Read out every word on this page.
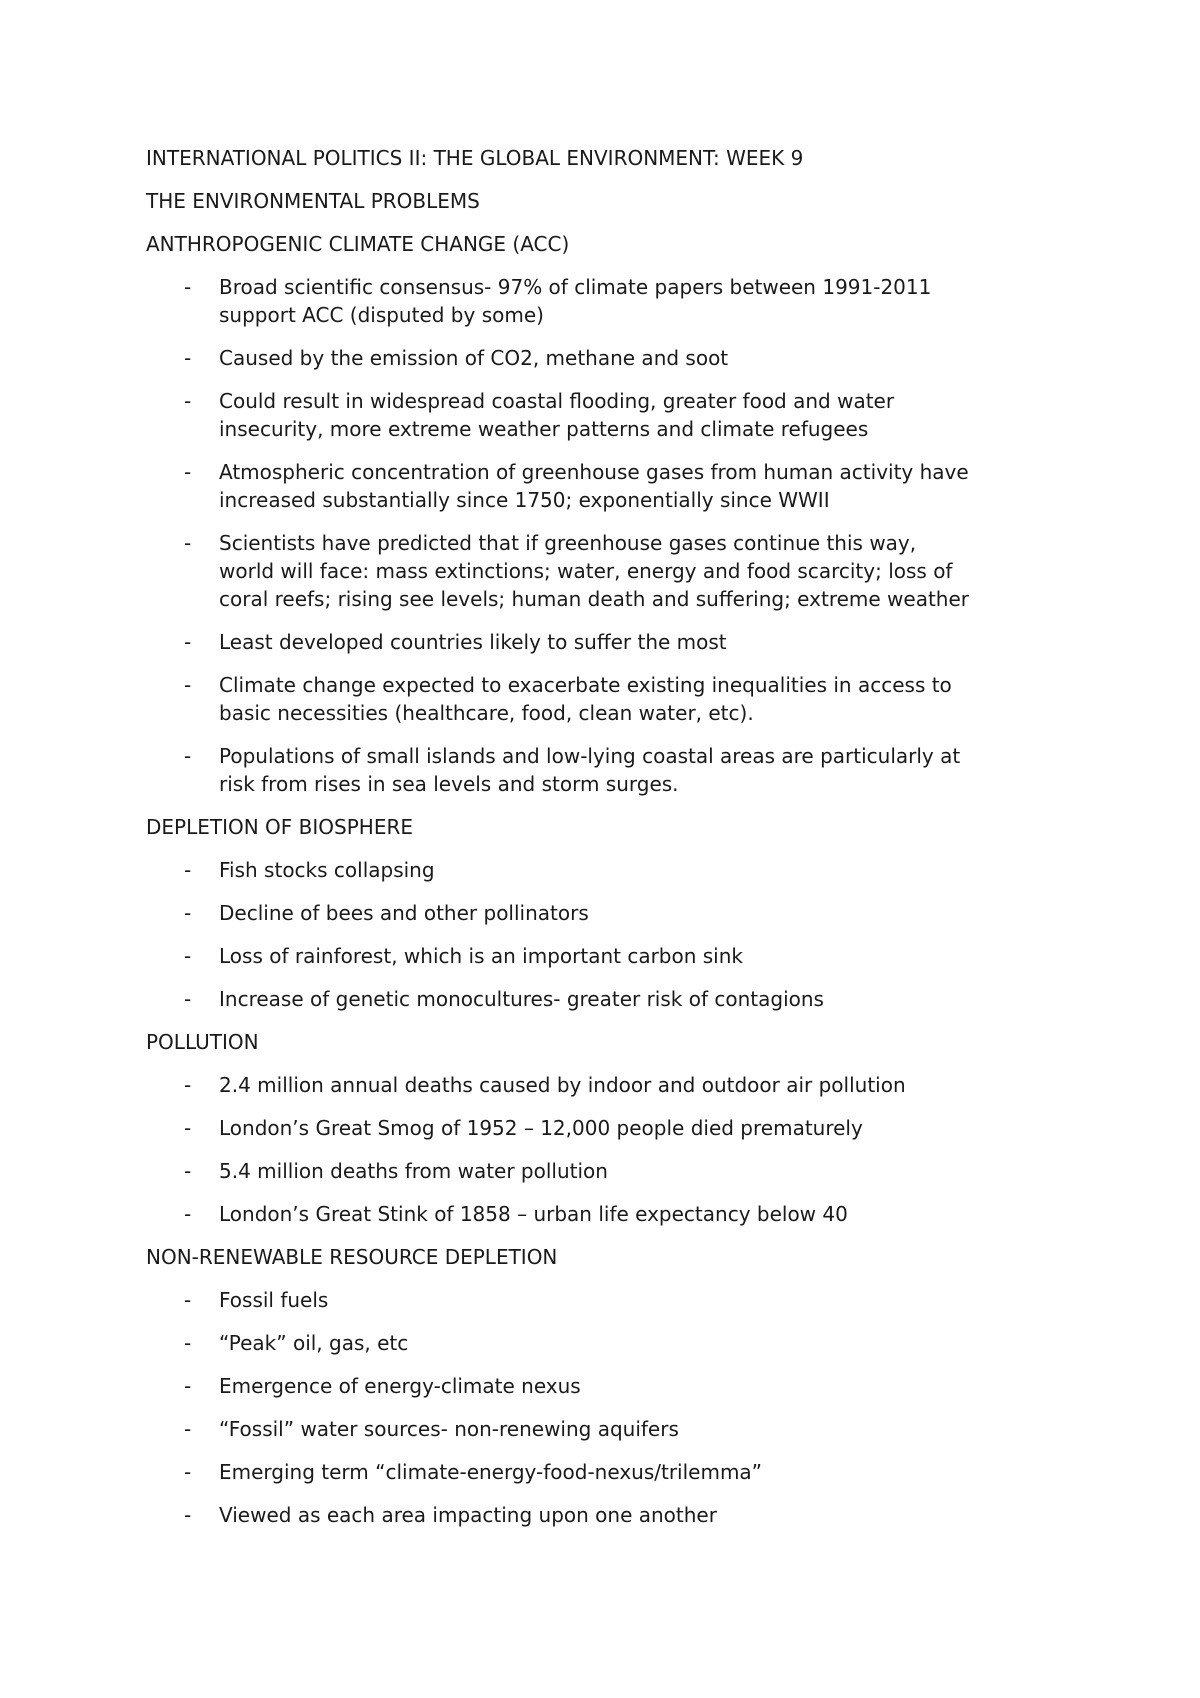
INTERNATIONAL POLITICS II: THE GLOBAL ENVIRONMENT: WEEK 9
THE ENVIRONMENTAL PROBLEMS
ANTHROPOGENIC CLIMATE CHANGE (ACC)
- Broad scientific consensus- 97% of climate papers between 1991-2011
support ACC (disputed by some)
- Caused by the emission of CO2, methane and soot
- Could result in widespread coastal flooding, greater food and water
insecurity, more extreme weather patterns and climate refugees
- Atmospheric concentration of greenhouse gases from human activity have
increased substantially since 1750; exponentially since WWII
- Scientists have predicted that if greenhouse gases continue this way,
world will face: mass extinctions; water, energy and food scarcity; loss of
coral reefs; rising see levels; human death and suffering; extreme weather
- Least developed countries likely to suffer the most
- Climate change expected to exacerbate existing inequalities in access to
basic necessities (healthcare, food, clean water, etc).
- Populations of small islands and low-lying coastal areas are particularly at
risk from rises in sea levels and storm surges.
DEPLETION OF BIOSPHERE
- Fish stocks collapsing
- Decline of bees and other pollinators
- Loss of rainforest, which is an important carbon sink
- Increase of genetic monocultures- greater risk of contagions
POLLUTION
- 2.4 million annual deaths caused by indoor and outdoor air pollution
- London’s Great Smog of 1952 – 12,000 people died prematurely
- 5.4 million deaths from water pollution
- London’s Great Stink of 1858 – urban life expectancy below 40
NON-RENEWABLE RESOURCE DEPLETION
- Fossil fuels
- “Peak” oil, gas, etc
- Emergence of energy-climate nexus
- “Fossil” water sources- non-renewing aquifers
- Emerging term “climate-energy-food-nexus/trilemma”
- Viewed as each area impacting upon one another
